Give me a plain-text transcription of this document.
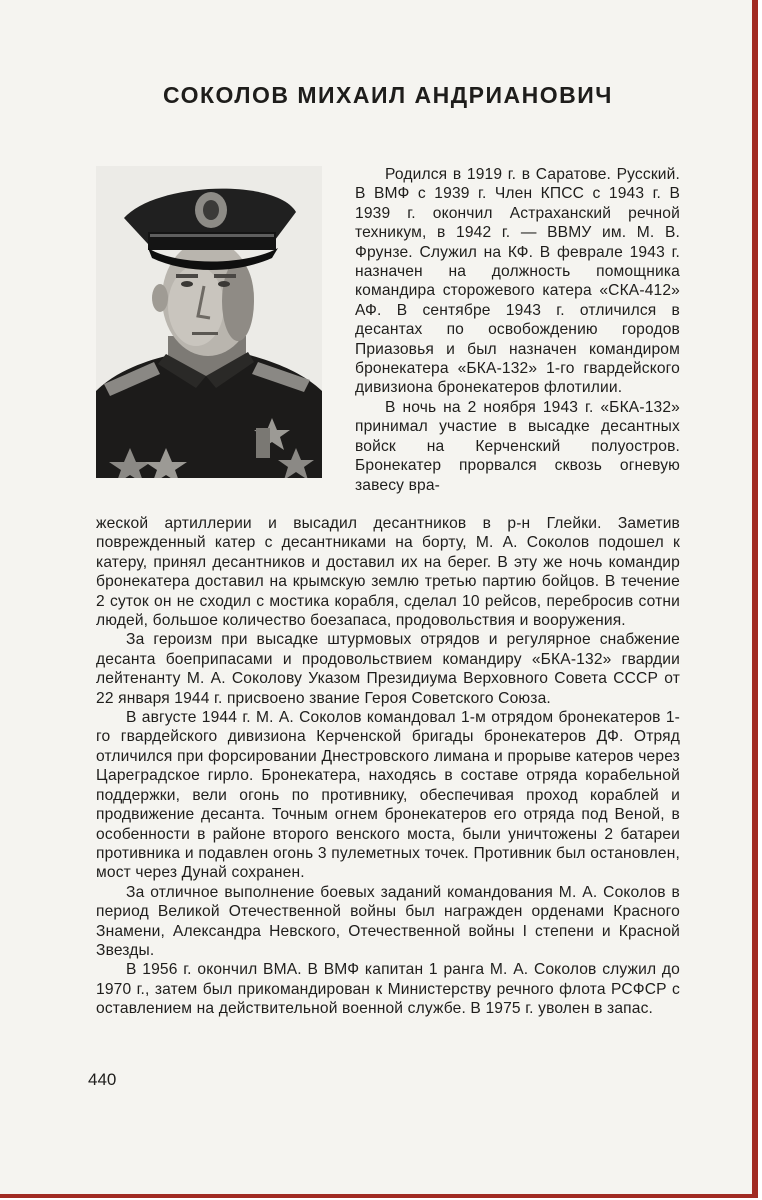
СОКОЛОВ МИХАИЛ АНДРИАНОВИЧ

Родился в 1919 г. в Саратове. Русский. В ВМФ с 1939 г. Член КПСС с 1943 г. В 1939 г. окончил Астраханский речной техникум, в 1942 г. — ВВМУ им. М. В. Фрунзе. Служил на КФ. В феврале 1943 г. назначен на должность помощника командира сторожевого катера «СКА-412» АФ. В сентябре 1943 г. отличился в десантах по освобождению городов Приазовья и был назначен командиром бронекатера «БКА-132» 1-го гвардейского дивизиона бронекатеров флотилии.

В ночь на 2 ноября 1943 г. «БКА-132» принимал участие в высадке десантных войск на Керченский полуостров. Бронекатер прорвался сквозь огневую завесу вра-

жеской артиллерии и высадил десантников в р-н Глейки. Заметив поврежденный катер с десантниками на борту, М. А. Соколов подошел к катеру, принял десантников и доставил их на берег. В эту же ночь командир бронекатера доставил на крымскую землю третью партию бойцов. В течение 2 суток он не сходил с мостика корабля, сделал 10 рейсов, перебросив сотни людей, большое количество боезапаса, продовольствия и вооружения.

За героизм при высадке штурмовых отрядов и регулярное снабжение десанта боеприпасами и продовольствием командиру «БКА-132» гвардии лейтенанту М. А. Соколову Указом Президиума Верховного Совета СССР от 22 января 1944 г. присвоено звание Героя Советского Союза.

В августе 1944 г. М. А. Соколов командовал 1-м отрядом бронекатеров 1-го гвардейского дивизиона Керченской бригады бронекатеров ДФ. Отряд отличился при форсировании Днестровского лимана и прорыве катеров через Цареградское гирло. Бронекатера, находясь в составе отряда корабельной поддержки, вели огонь по противнику, обеспечивая проход кораблей и продвижение десанта. Точным огнем бронекатеров его отряда под Веной, в особенности в районе второго венского моста, были уничтожены 2 батареи противника и подавлен огонь 3 пулеметных точек. Противник был остановлен, мост через Дунай сохранен.

За отличное выполнение боевых заданий командования М. А. Соколов в период Великой Отечественной войны был награжден орденами Красного Знамени, Александра Невского, Отечественной войны I степени и Красной Звезды.

В 1956 г. окончил ВМА. В ВМФ капитан 1 ранга М. А. Соколов служил до 1970 г., затем был прикомандирован к Министерству речного флота РСФСР с оставлением на действительной военной службе. В 1975 г. уволен в запас.

440
